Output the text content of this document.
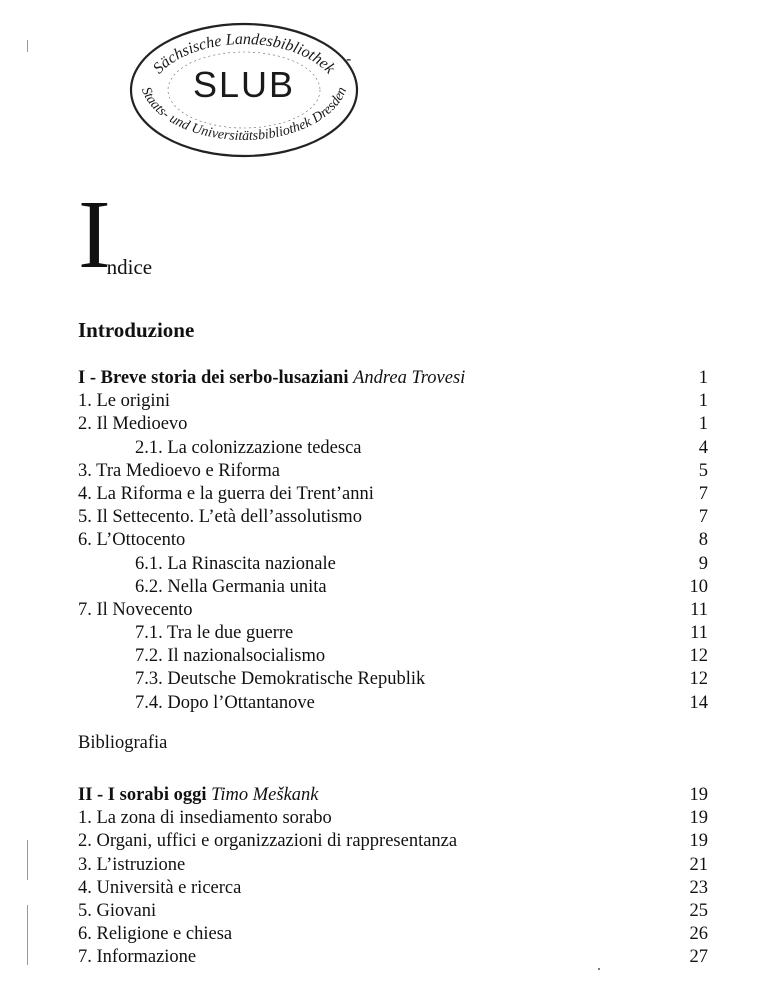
Sächsische Landesbibliothek
Staats- und Universitätsbibliothek Dresden
-
SLUB
Indice
Introduzione
I - Breve storia dei serbo-lusaziani Andrea Trovesi	1
1. Le origini	1
2. Il Medioevo	1
2.1. La colonizzazione tedesca	4
3. Tra Medioevo e Riforma	5
4. La Riforma e la guerra dei Trent’anni	7
5. Il Settecento. L’età dell’assolutismo	7
6. L’Ottocento	8
6.1. La Rinascita nazionale	9
6.2. Nella Germania unita	10
7. Il Novecento	11
7.1. Tra le due guerre	11
7.2. Il nazionalsocialismo	12
7.3. Deutsche Demokratische Republik	12
7.4. Dopo l’Ottantanove	14
Bibliografia
II - I sorabi oggi Timo Meškank	19
1. La zona di insediamento sorabo	19
2. Organi, uffici e organizzazioni di rappresentanza	19
3. L’istruzione	21
4. Università e ricerca	23
5. Giovani	25
6. Religione e chiesa	26
7. Informazione	27
